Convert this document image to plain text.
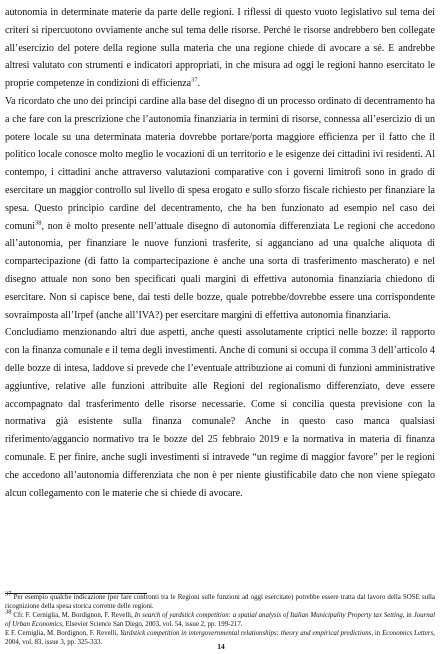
autonomia in determinate materie da parte delle regioni. I riflessi di questo vuoto legislativo sul tema dei criteri si ripercuotono ovviamente anche sul tema delle risorse. Perché le risorse andrebbero ben collegate all’esercizio del potere della regione sulla materia che una regione chiede di avocare a sé. E andrebbe altresì valutato con strumenti e indicatori appropriati, in che misura ad oggi le regioni hanno esercitato le proprie competenze in condizioni di efficienza$^{37}$.

Va ricordato che uno dei principi cardine alla base del disegno di un processo ordinato di decentramento ha a che fare con la prescrizione che l’autonomia finanziaria in termini di risorse, connessa all’esercizio di un potere locale su una determinata materia dovrebbe portare/porta maggiore efficienza per il fatto che il politico locale conosce molto meglio le vocazioni di un territorio e le esigenze dei cittadini ivi residenti. Al contempo, i cittadini anche attraverso valutazioni comparative con i governi limitrofi sono in grado di esercitare un maggior controllo sul livello di spesa erogato e sullo sforzo fiscale richiesto per finanziare la spesa. Questo principio cardine del decentramento, che ha ben funzionato ad esempio nel caso dei comuni$^{38}$, non è molto presente nell’attuale disegno di autonomia differenziata Le regioni che accedono all’autonomia, per finanziare le nuove funzioni trasferite, si agganciano ad una qualche aliquota di compartecipazione (di fatto la compartecipazione è anche una sorta di trasferimento mascherato) e nel disegno attuale non sono ben specificati quali margini di effettiva autonomia finanziaria chiedono di esercitare. Non si capisce bene, dai testi delle bozze, quale potrebbe/dovrebbe essere una corrispondente sovraimposta all’Irpef (anche all’IVA?) per esercitare margini di effettiva autonomia finanziaria.

Concludiamo menzionando altri due aspetti, anche questi assolutamente criptici nelle bozze: il rapporto con la finanza comunale e il tema degli investimenti. Anche di comuni si occupa il comma 3 dell’articolo 4 delle bozze di intesa, laddove si prevede che l’eventuale attribuzione ai comuni di funzioni amministrative aggiuntive, relative alle funzioni attribuite alle Regioni del regionalismo differenziato, deve essere accompagnato dal trasferimento delle risorse necessarie. Come si concilia questa previsione con la normativa già esistente sulla finanza comunale? Anche in questo caso manca qualsiasi riferimento/aggancio normativo tra le bozze del 25 febbraio 2019 e la normativa in materia di finanza comunale. E per finire, anche sugli investimenti si intravede “un regime di maggior favore” per le regioni che accedono all’autonomia differenziata che non è per niente giustificabile dato che non viene spiegato alcun collegamento con le materie che si chiede di avocare.

$^{37}$ Per esempio qualche indicazione (per fare confronti tra le Regioni sulle funzioni ad oggi esercitate) potrebbe essere tratta dal lavoro della SOSE sulla ricognizione della spesa storica corrente delle regioni.

$^{38}$ Cfr. F. Cerniglia, M. Bordignon, F. Revelli, In search of yardstick competition: a spatial analysis of Italian Municipality Property tax Setting, in Journal of Urban Economics, Elsevier Science San Diego, 2003, vol. 54, issue 2, pp. 199-217.

E F. Cerniglia, M. Bordignon, F. Revelli, Yardstick competition in intergovernmental relationships: theory and empirical predictions, in Economics Letters, 2004, vol. 83, issue 3, pp. 325-333.	14
